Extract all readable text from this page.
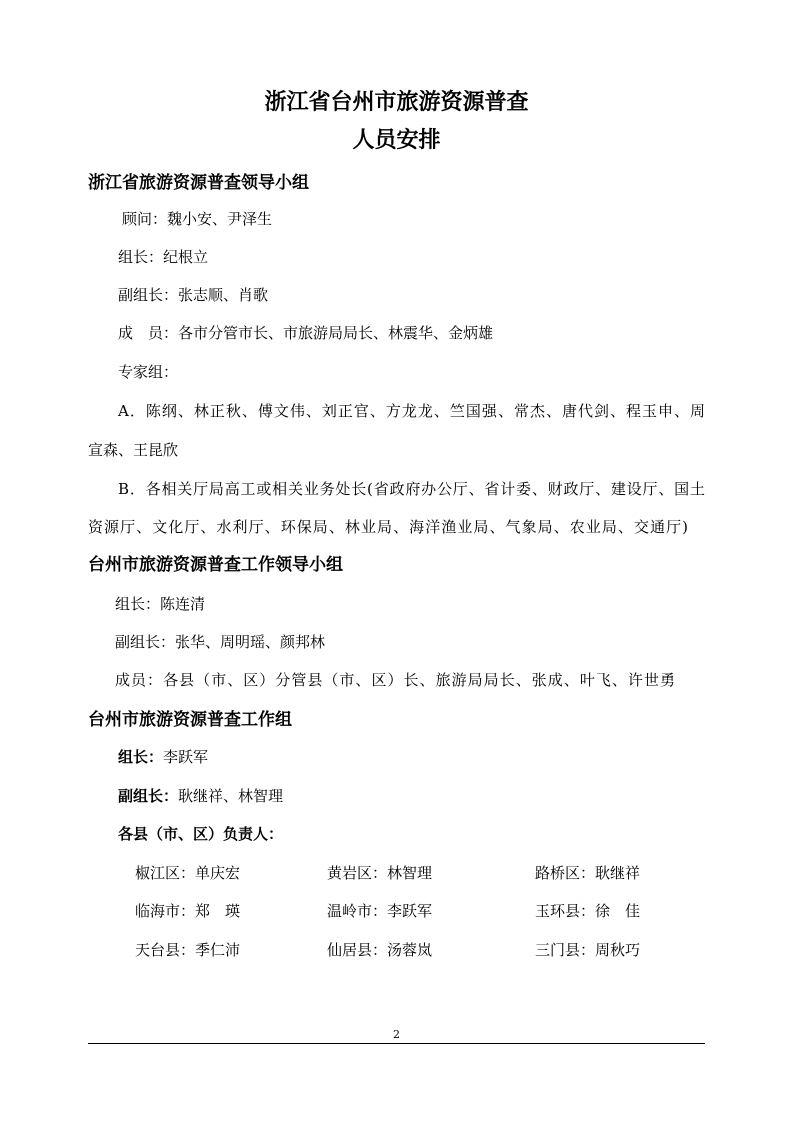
浙江省台州市旅游资源普查
人员安排
浙江省旅游资源普查领导小组
顾问：魏小安、尹泽生
组长：纪根立
副组长：张志顺、肖歌
成　员：各市分管市长、市旅游局局长、林震华、金炳雄
专家组：
A．陈纲、林正秋、傅文伟、刘正官、方龙龙、竺国强、常杰、唐代剑、程玉申、周
宣森、王昆欣
B．各相关厅局高工或相关业务处长(省政府办公厅、省计委、财政厅、建设厅、国土
资源厅、文化厅、水利厅、环保局、林业局、海洋渔业局、气象局、农业局、交通厅)
台州市旅游资源普查工作领导小组
组长：陈连清
副组长：张华、周明瑶、颜邦林
成员：各县（市、区）分管县（市、区）长、旅游局局长、张成、叶飞、许世勇
台州市旅游资源普查工作组
组长：李跃军
副组长：耿继祥、林智理
各县（市、区）负责人：
椒江区：单庆宏	黄岩区：林智理	路桥区：耿继祥
临海市：郑　瑛	温岭市：李跃军	玉环县：徐　佳
天台县：季仁沛	仙居县：汤蓉岚	三门县：周秋巧
2
